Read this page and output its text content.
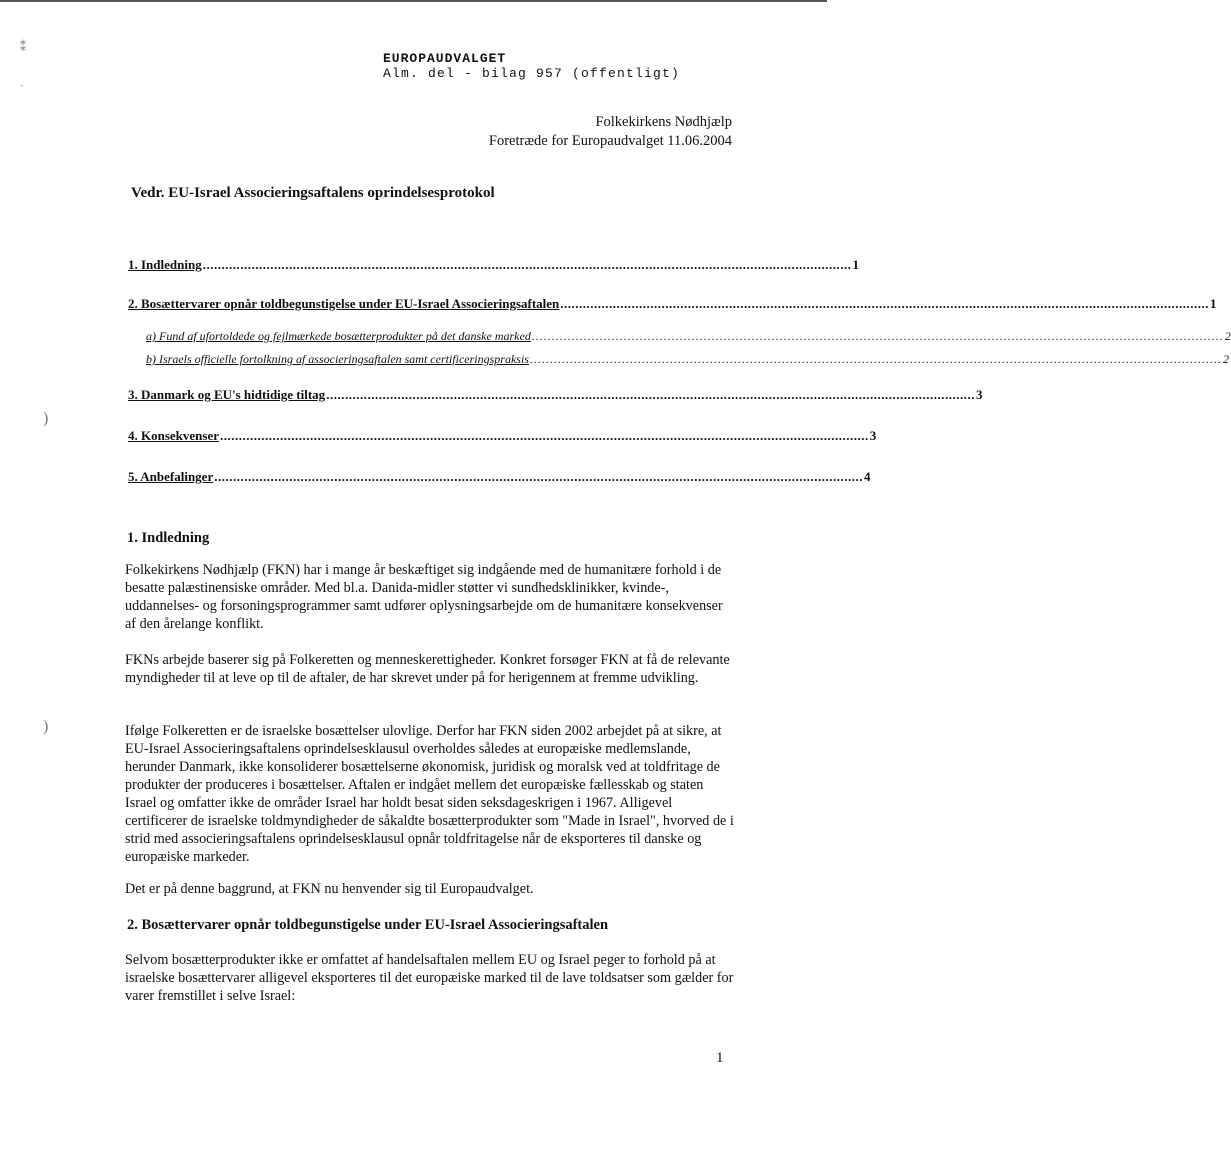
⁑
·
)
)
EUROPAUDVALGET
Alm. del - bilag 957 (offentligt)
Folkekirkens Nødhjælp
Foretræde for Europaudvalget 11.06.2004
Vedr. EU-Israel Associeringsaftalens oprindelsesprotokol
1. Indledning ............................................................................................................................................................................. 1
2. Bosættervarer opnår toldbegunstigelse under EU-Israel Associeringsaftalen ............................................................................................................................................................................. 1
a) Fund af ufortoldede og fejlmærkede bosætterprodukter på det danske marked ............................................................................................................................................................................. 2
b) Israels officielle fortolkning af associeringsaftalen samt certificeringspraksis ............................................................................................................................................................................. 2
3. Danmark og EU's hidtidige tiltag ............................................................................................................................................................................. 3
4. Konsekvenser ............................................................................................................................................................................. 3
5. Anbefalinger ............................................................................................................................................................................. 4
1. Indledning

Folkekirkens Nødhjælp (FKN) har i mange år beskæftiget sig indgående med de humanitære forhold i de besatte palæstinensiske områder. Med bl.a. Danida-midler støtter vi sundhedsklinikker, kvinde-, uddannelses- og forsoningsprogrammer samt udfører oplysningsarbejde om de humanitære konsekvenser af den årelange konflikt.

FKNs arbejde baserer sig på Folkeretten og menneskerettigheder. Konkret forsøger FKN at få de relevante myndigheder til at leve op til de aftaler, de har skrevet under på for herigennem at fremme udvikling.

Ifølge Folkeretten er de israelske bosættelser ulovlige. Derfor har FKN siden 2002 arbejdet på at sikre, at EU-Israel Associeringsaftalens oprindelsesklausul overholdes således at europæiske medlemslande, herunder Danmark, ikke konsoliderer bosættelserne økonomisk, juridisk og moralsk ved at toldfritage de produkter der produceres i bosættelser. Aftalen er indgået mellem det europæiske fællesskab og staten Israel og omfatter ikke de områder Israel har holdt besat siden seksdageskrigen i 1967. Alligevel certificerer de israelske toldmyndigheder de såkaldte bosætterprodukter som "Made in Israel", hvorved de i strid med associeringsaftalens oprindelsesklausul opnår toldfritagelse når de eksporteres til danske og europæiske markeder.

Det er på denne baggrund, at FKN nu henvender sig til Europaudvalget.

2. Bosættervarer opnår toldbegunstigelse under EU-Israel Associeringsaftalen

Selvom bosætterprodukter ikke er omfattet af handelsaftalen mellem EU og Israel peger to forhold på at israelske bosættervarer alligevel eksporteres til det europæiske marked til de lave toldsatser som gælder for varer fremstillet i selve Israel:

1
